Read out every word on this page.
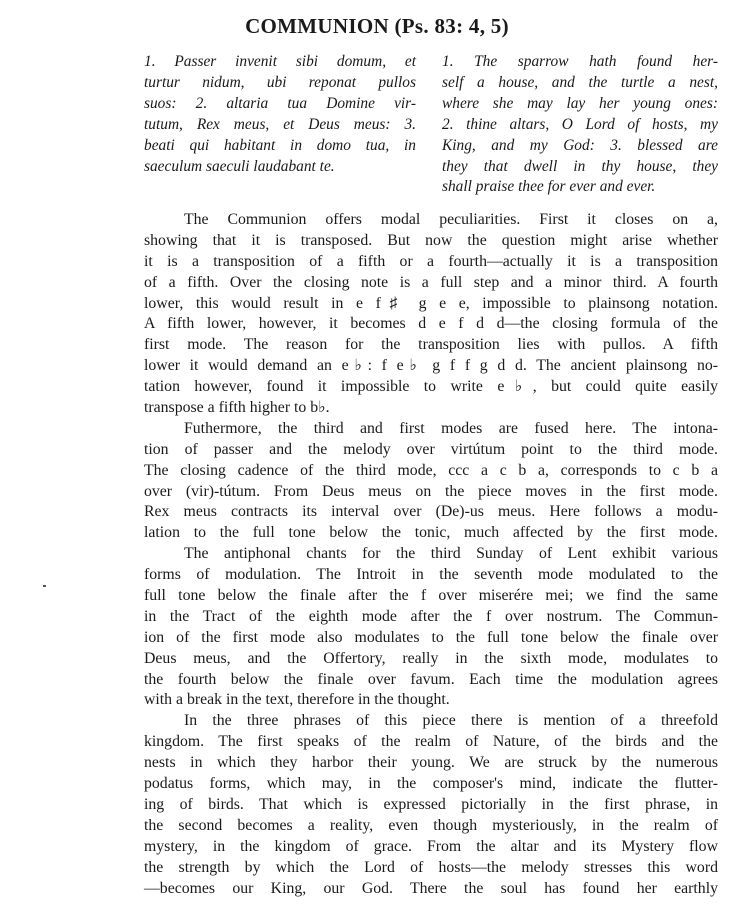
COMMUNION (Ps. 83: 4, 5)
1. Passer invenit sibi domum, et
turtur nidum, ubi reponat pullos
suos: 2. altaria tua Domine vir-
tutum, Rex meus, et Deus meus: 3.
beati qui habitant in domo tua, in
saeculum saeculi laudabant te.
1. The sparrow hath found her-
self a house, and the turtle a nest,
where she may lay her young ones:
2. thine altars, O Lord of hosts, my
King, and my God: 3. blessed are
they that dwell in thy house, they
shall praise thee for ever and ever.
The Communion offers modal peculiarities. First it closes on a,
showing that it is transposed. But now the question might arise whether
it is a transposition of a fifth or a fourth—actually it is a transposition
of a fifth. Over the closing note is a full step and a minor third. A fourth
lower, this would result in e f♯ g e e, impossible to plainsong notation.
A fifth lower, however, it becomes d e f d d—the closing formula of the
first mode. The reason for the transposition lies with pullos. A fifth
lower it would demand an e♭: f e♭ g f f g d d. The ancient plainsong no-
tation however, found it impossible to write e♭, but could quite easily
transpose a fifth higher to b♭.
Futhermore, the third and first modes are fused here. The intona-
tion of passer and the melody over virtútum point to the third mode.
The closing cadence of the third mode, ccc a c b a, corresponds to c b a
over (vir)-tútum. From Deus meus on the piece moves in the first mode.
Rex meus contracts its interval over (De)-us meus. Here follows a modu-
lation to the full tone below the tonic, much affected by the first mode.
The antiphonal chants for the third Sunday of Lent exhibit various
forms of modulation. The Introit in the seventh mode modulated to the
full tone below the finale after the f over miserére mei; we find the same
in the Tract of the eighth mode after the f over nostrum. The Commun-
ion of the first mode also modulates to the full tone below the finale over
Deus meus, and the Offertory, really in the sixth mode, modulates to
the fourth below the finale over favum. Each time the modulation agrees
with a break in the text, therefore in the thought.
In the three phrases of this piece there is mention of a threefold
kingdom. The first speaks of the realm of Nature, of the birds and the
nests in which they harbor their young. We are struck by the numerous
podatus forms, which may, in the composer's mind, indicate the flutter-
ing of birds. That which is expressed pictorially in the first phrase, in
the second becomes a reality, even though mysteriously, in the realm of
mystery, in the kingdom of grace. From the altar and its Mystery flow
the strength by which the Lord of hosts—the melody stresses this word
—becomes our King, our God. There the soul has found her earthly
